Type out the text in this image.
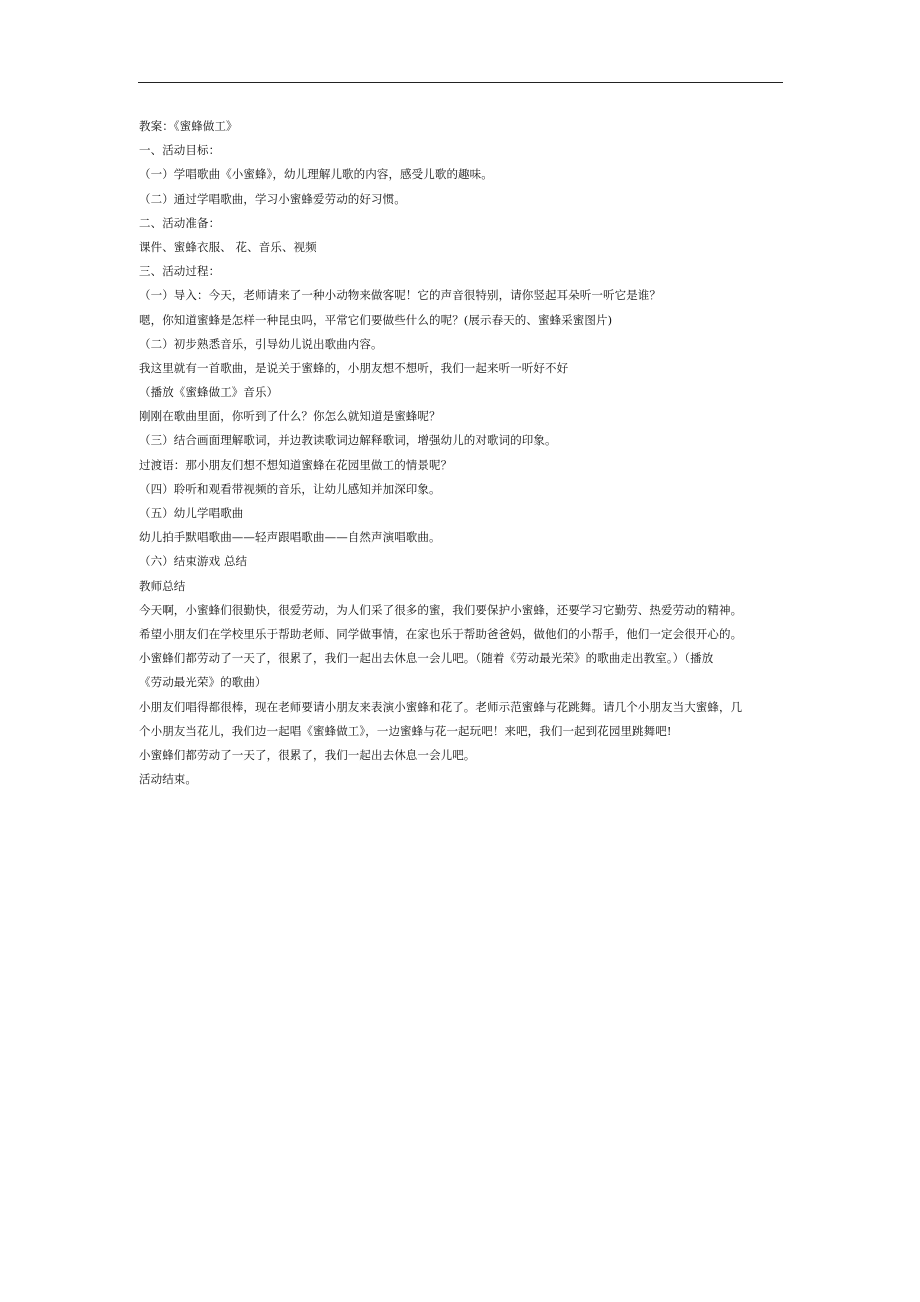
教案：《蜜蜂做工》
一、活动目标：
（一）学唱歌曲《小蜜蜂》，幼儿理解儿歌的内容，感受儿歌的趣味。
（二）通过学唱歌曲，学习小蜜蜂爱劳动的好习惯。
二、活动准备：
课件、蜜蜂衣服、 花、音乐、视频
三、活动过程：
（一）导入：今天，老师请来了一种小动物来做客呢！它的声音很特别，请你竖起耳朵听一听它是谁？
嗯，你知道蜜蜂是怎样一种昆虫吗，平常它们要做些什么的呢？(展示春天的、蜜蜂采蜜图片)
（二）初步熟悉音乐，引导幼儿说出歌曲内容。
我这里就有一首歌曲，是说关于蜜蜂的，小朋友想不想听，我们一起来听一听好不好
（播放《蜜蜂做工》音乐）
刚刚在歌曲里面，你听到了什么？你怎么就知道是蜜蜂呢？
（三）结合画面理解歌词，并边教读歌词边解释歌词，增强幼儿的对歌词的印象。
过渡语：那小朋友们想不想知道蜜蜂在花园里做工的情景呢？
（四）聆听和观看带视频的音乐，让幼儿感知并加深印象。
（五）幼儿学唱歌曲
幼儿拍手默唱歌曲——轻声跟唱歌曲——自然声演唱歌曲。
（六）结束游戏 总结
教师总结
今天啊，小蜜蜂们很勤快，很爱劳动，为人们采了很多的蜜，我们要保护小蜜蜂，还要学习它勤劳、热爱劳动的精神。
希望小朋友们在学校里乐于帮助老师、同学做事情，在家也乐于帮助爸爸妈，做他们的小帮手，他们一定会很开心的。
小蜜蜂们都劳动了一天了，很累了，我们一起出去休息一会儿吧。（随着《劳动最光荣》的歌曲走出教室。）（播放
《劳动最光荣》的歌曲）
小朋友们唱得都很棒，现在老师要请小朋友来表演小蜜蜂和花了。老师示范蜜蜂与花跳舞。请几个小朋友当大蜜蜂，几
个小朋友当花儿，我们边一起唱《蜜蜂做工》，一边蜜蜂与花一起玩吧！来吧，我们一起到花园里跳舞吧!
小蜜蜂们都劳动了一天了，很累了，我们一起出去休息一会儿吧。
活动结束。
